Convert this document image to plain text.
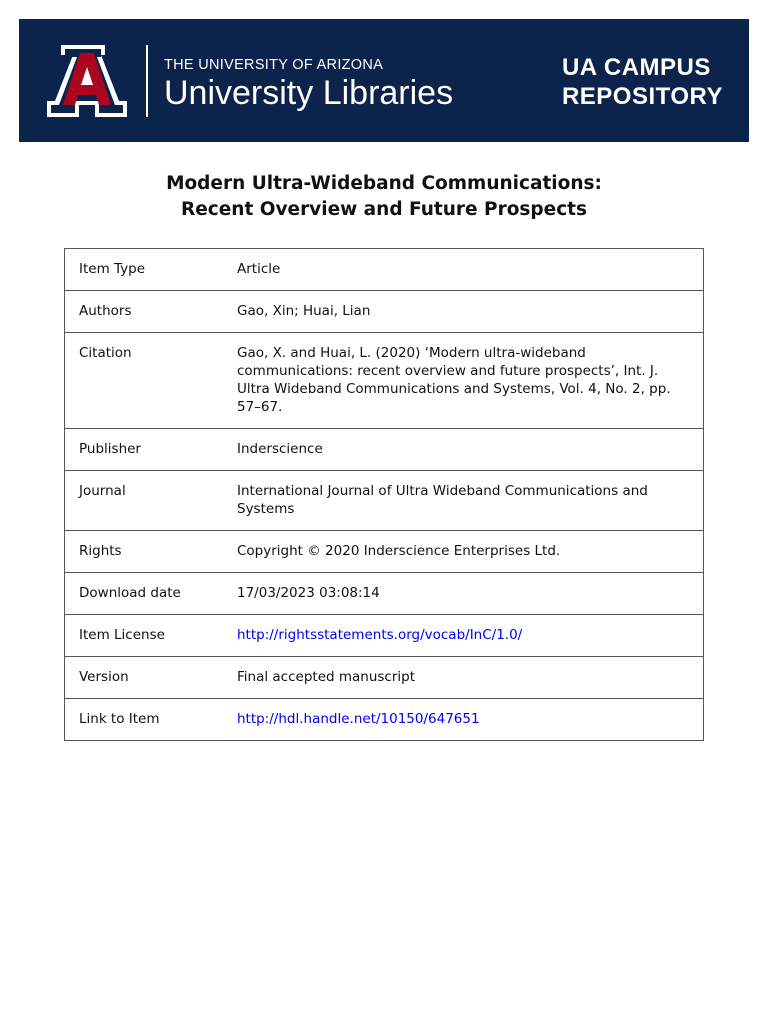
THE UNIVERSITY OF ARIZONA
University Libraries
UA CAMPUS
REPOSITORY
Modern Ultra-Wideband Communications:
Recent Overview and Future Prospects
Item Type	Article
Authors	Gao, Xin; Huai, Lian
Citation	Gao, X. and Huai, L. (2020) ‘Modern ultra-wideband communications: recent overview and future prospects’, Int. J. Ultra Wideband Communications and Systems, Vol. 4, No. 2, pp. 57–67.
Publisher	Inderscience
Journal	International Journal of Ultra Wideband Communications and Systems
Rights	Copyright © 2020 Inderscience Enterprises Ltd.
Download date	17/03/2023 03:08:14
Item License	http://rightsstatements.org/vocab/InC/1.0/
Version	Final accepted manuscript
Link to Item	http://hdl.handle.net/10150/647651
